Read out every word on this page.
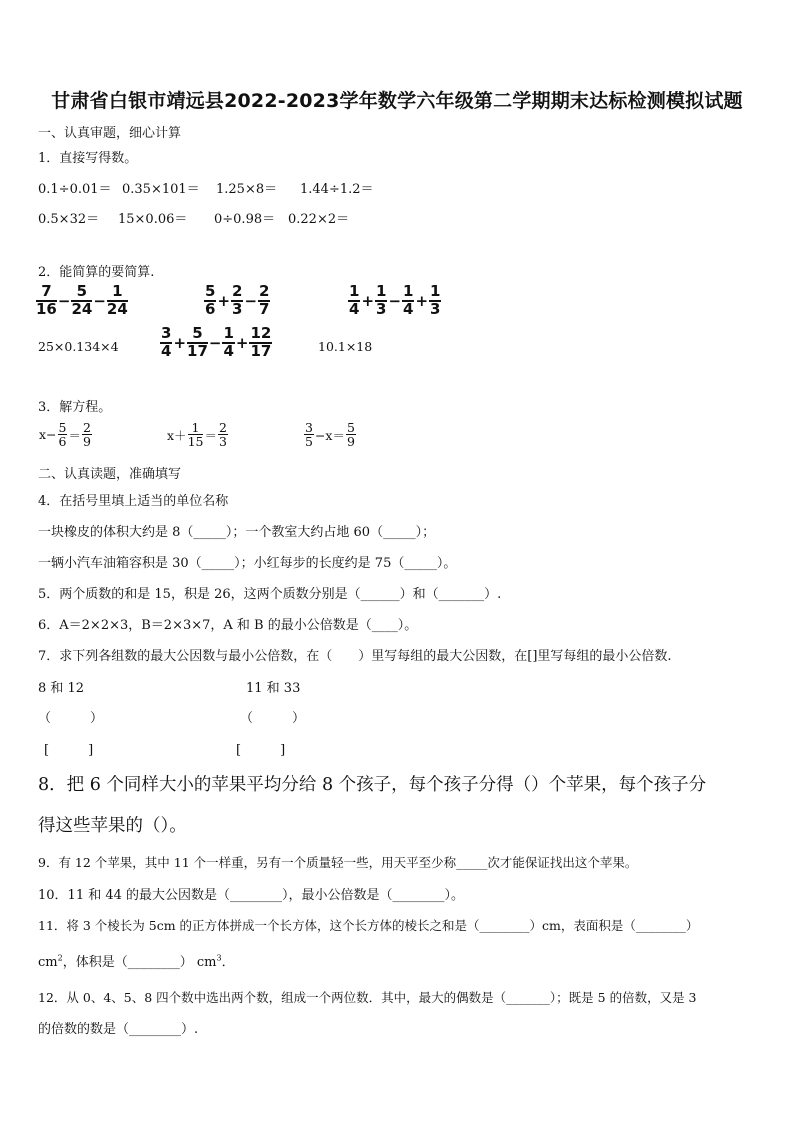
甘肃省白银市靖远县2022-2023学年数学六年级第二学期期末达标检测模拟试题
一、认真审题，细心计算
1．直接写得数。
0.1÷0.01＝ 0.35×101＝ 1.25×8＝ 1.44÷1.2＝
0.5×32＝ 15×0.06＝ 0÷0.98＝ 0.22×2＝
2．能简算的要简算.
$\frac{7}{16} - \frac{5}{24} - \frac{1}{24}$	$\frac{5}{6} + \frac{2}{3} - \frac{2}{7}$	$\frac{1}{4} + \frac{1}{3} - \frac{1}{4} + \frac{1}{3}$
25×0.134×4	$\frac{3}{4} + \frac{5}{17} - \frac{1}{4} + \frac{12}{17}$	10.1×18
3．解方程。
$x- \frac{5}{6} = \frac{2}{9}$	$x+ \frac{1}{15} = \frac{2}{3}$	$\frac{3}{5} -x= \frac{5}{9}$
二、认真读题，准确填写
4．在括号里填上适当的单位名称
一块橡皮的体积大约是 8（_____）；一个教室大约占地 60（_____）；
一辆小汽车油箱容积是 30（_____）；小红每步的长度约是 75（_____）。
5．两个质数的和是 15，积是 26，这两个质数分别是（______）和（_______）.
6．A＝2×2×3，B＝2×3×7，A 和 B 的最小公倍数是（____）。
7．求下列各组数的最大公因数与最小公倍数，在（　　）里写每组的最大公因数，在[]里写每组的最小公倍数.
8 和 12	11 和 33
（　　　）	（　　　）
[　　　]	[　　　]
8．把 6 个同样大小的苹果平均分给 8 个孩子，每个孩子分得（）个苹果，每个孩子分
得这些苹果的（）。
9．有 12 个苹果，其中 11 个一样重，另有一个质量轻一些，用天平至少称_____次才能保证找出这个苹果。
10．11 和 44 的最大公因数是（________），最小公倍数是（________）。
11．将 3 个棱长为 5cm 的正方体拼成一个长方体，这个长方体的棱长之和是（________）cm，表面积是（________）
$cm^2$，体积是（________） $cm^3$．
12．从 0、4、5、8 四个数中选出两个数，组成一个两位数．其中，最大的偶数是（_______）；既是 5 的倍数，又是 3
的倍数的数是（________）.
